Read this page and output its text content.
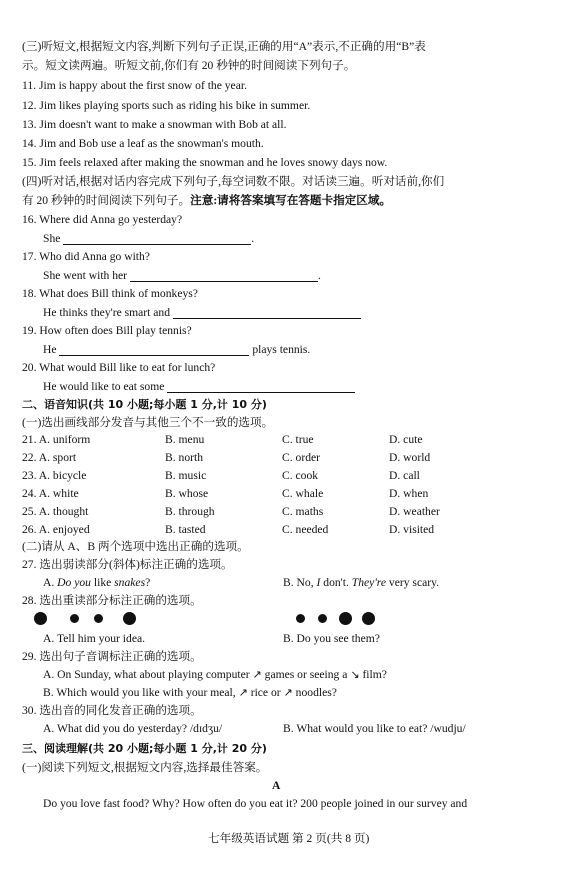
(三)听短文,根据短文内容,判断下列句子正误,正确的用“A”表示,不正确的用“B”表
示。短文读两遍。听短文前,你们有 20 秒钟的时间阅读下列句子。
11. Jim is happy about the first snow of the year.
12. Jim likes playing sports such as riding his bike in summer.
13. Jim doesn't want to make a snowman with Bob at all.
14. Jim and Bob use a leaf as the snowman's mouth.
15. Jim feels relaxed after making the snowman and he loves snowy days now.
(四)听对话,根据对话内容完成下列句子,每空词数不限。对话读三遍。听对话前,你们
有 20 秒钟的时间阅读下列句子。注意:请将答案填写在答题卡指定区域。
16. Where did Anna go yesterday?
She	.
17. Who did Anna go with?
She went with her	.
18. What does Bill think of monkeys?
He thinks they're smart and
19. How often does Bill play tennis?
He	plays tennis.
20. What would Bill like to eat for lunch?
He would like to eat some
二、语音知识(共 10 小题;每小题 1 分,计 10 分)
(一)选出画线部分发音与其他三个不一致的选项。
21. A. uniform	B. menu	C. true	D. cute
22. A. sport	B. north	C. order	D. world
23. A. bicycle	B. music	C. cook	D. call
24. A. white	B. whose	C. whale	D. when
25. A. thought	B. through	C. maths	D. weather
26. A. enjoyed	B. tasted	C. needed	D. visited
(二)请从 A、B 两个选项中选出正确的选项。
27. 选出弱读部分(斜体)标注正确的选项。
A. Do you like snakes?	B. No, I don't. They're very scary.
28. 选出重读部分标注正确的选项。
A. Tell him your idea.	B. Do you see them?
29. 选出句子音调标注正确的选项。
A. On Sunday, what about playing computer ↗ games or seeing a ↘ film?
B. Which would you like with your meal, ↗ rice or ↗ noodles?
30. 选出音的同化发音正确的选项。
A. What did you do yesterday? /dɪdʒu/	B. What would you like to eat? /wudju/
三、阅读理解(共 20 小题;每小题 1 分,计 20 分)
(一)阅读下列短文,根据短文内容,选择最佳答案。
A
Do you love fast food? Why? How often do you eat it? 200 people joined in our survey and
七年级英语试题 第 2 页(共 8 页)
